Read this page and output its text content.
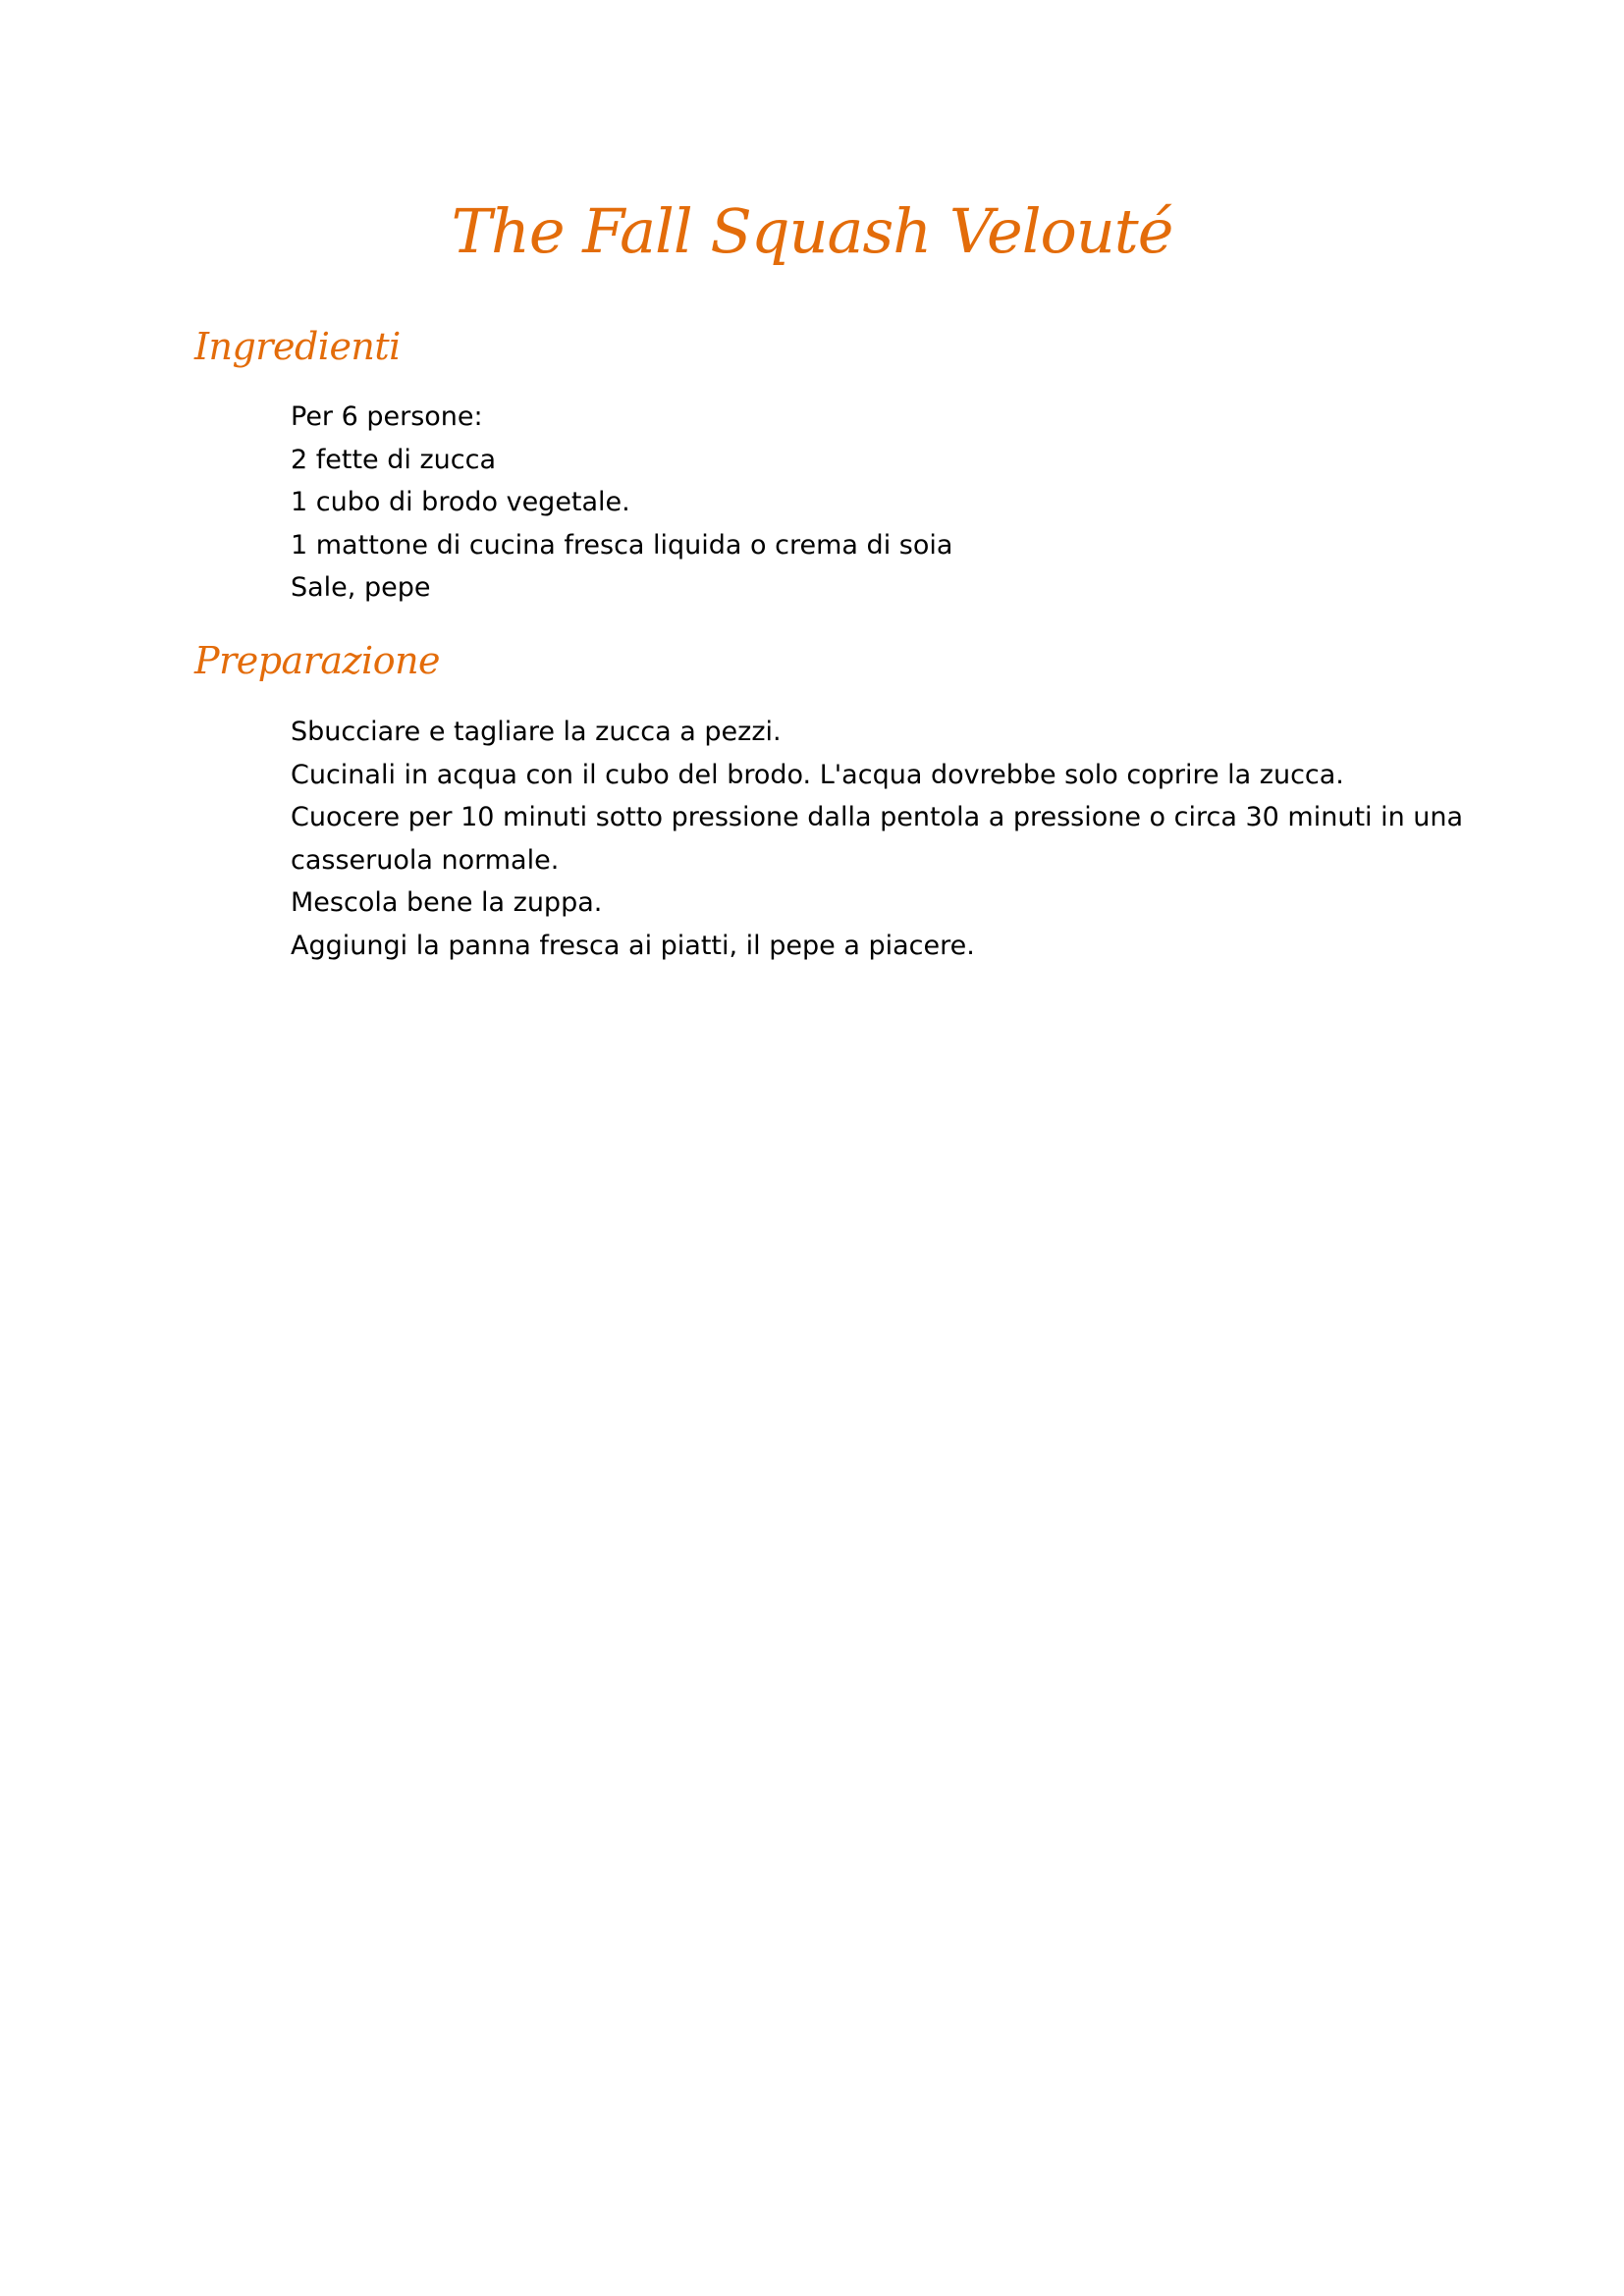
The Fall Squash Velouté
Ingredienti
Per 6 persone:
2 fette di zucca
1 cubo di brodo vegetale.
1 mattone di cucina fresca liquida o crema di soia
Sale, pepe
Preparazione
Sbucciare e tagliare la zucca a pezzi.
Cucinali in acqua con il cubo del brodo. L'acqua dovrebbe solo coprire la zucca.
Cuocere per 10 minuti sotto pressione dalla pentola a pressione o circa 30 minuti in una casseruola normale.
Mescola bene la zuppa.
Aggiungi la panna fresca ai piatti, il pepe a piacere.
